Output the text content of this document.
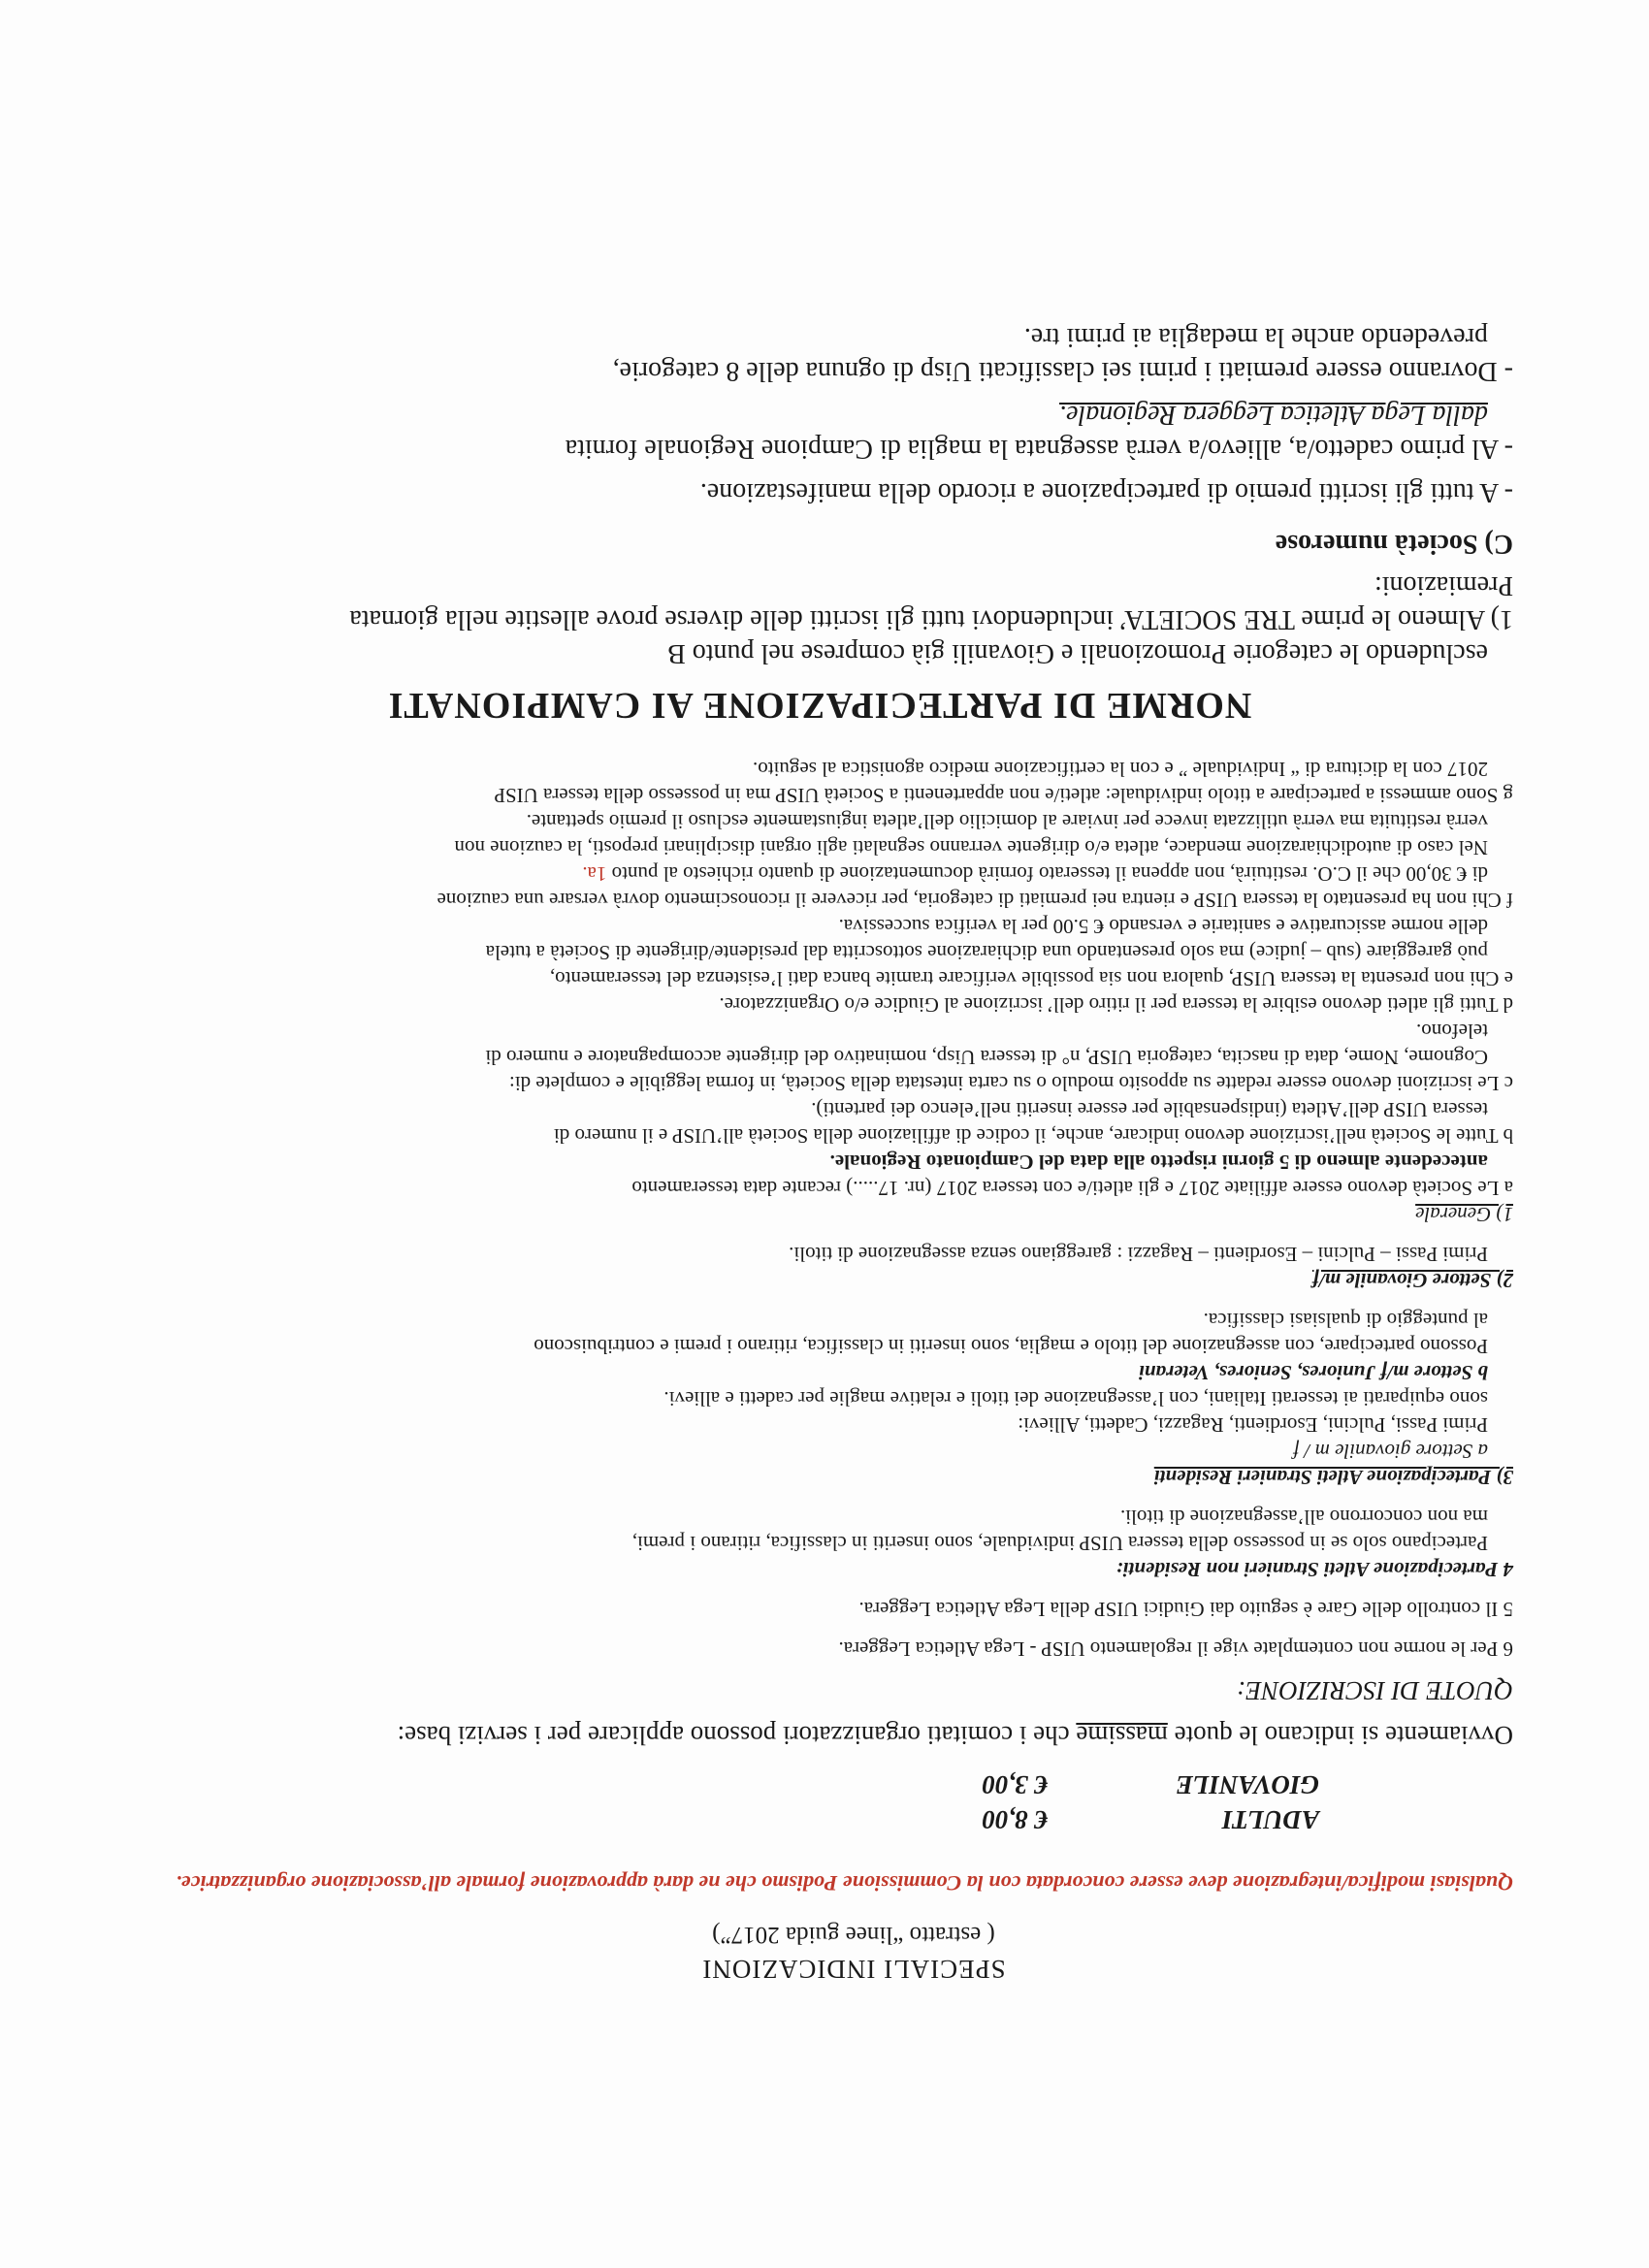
SPECIALI INDICAZIONI
( estratto “linee guida 2017”)
Qualsiasi modifica/integrazione deve essere concordata con la Commissione Podismo che ne darà approvazione formale all’associazione organizzatrice.
ADULTI
€ 8,00
GIOVANILE
€ 3,00
Ovviamente si indicano le quote massime che i comitati organizzatori possono applicare per i servizi base:
QUOTE DI ISCRIZIONE:

6 Per le norme non contemplate vige il regolamento UISP - Lega Atletica Leggera.

5 Il controllo delle Gare è seguito dai Giudici UISP della Lega Atletica Leggera.

4 Partecipazione Atleti Stranieri non Residenti:

Partecipano solo se in possesso della tessera UISP individuale, sono inseriti in classifica, ritirano i premi,

ma non concorrono all’assegnazione di titoli.

3) Partecipazione Atleti Stranieri Residenti

a Settore giovanile m / f

Primi Passi, Pulcini, Esordienti, Ragazzi, Cadetti, Allievi:

sono equiparati ai tesserati Italiani, con l’assegnazione dei titoli e relative maglie per cadetti e allievi.

b Settore m/f Juniores, Seniores, Veterani

Possono partecipare, con assegnazione del titolo e maglia, sono inseriti in classifica, ritirano i premi e contribuiscono

al punteggio di qualsiasi classifica.

2) Settore Giovanile m/f

Primi Passi – Pulcini – Esordienti – Ragazzi : gareggiano senza assegnazione di titoli.

1) Generale

a Le Società devono essere affiliate 2017 e gli atleti/e con tessera 2017 (nr. 17.....) recante data tesseramento

antecedente almeno di 5 giorni rispetto alla data del Campionato Regionale.

b Tutte le Società nell’iscrizione devono indicare, anche, il codice di affiliazione della Società all’UISP e il numero di

tessera UISP dell’Atleta (indispensabile per essere inseriti nell’elenco dei partenti).

c Le iscrizioni devono essere redatte su apposito modulo o su carta intestata della Società, in forma leggibile e complete di:

Cognome, Nome, data di nascita, categoria UISP, n° di tessera Uisp, nominativo del dirigente accompagnatore e numero di

telefono.

d Tutti gli atleti devono esibire la tessera per il ritiro dell’ iscrizione al Giudice e/o Organizzatore.

e Chi non presenta la tessera UISP, qualora non sia possibile verificare tramite banca dati l’esistenza del tesseramento,

può gareggiare (sub – judice) ma solo presentando una dichiarazione sottoscritta dal presidente/dirigente di Società a tutela

delle norme assicurative e sanitarie e versando € 5.00 per la verifica successiva.

f Chi non ha presentato la tessera UISP e rientra nei premiati di categoria, per ricevere il riconoscimento dovrà versare una cauzione

di € 30,00 che il C.O. restituirà, non appena il tesserato fornirà documentazione di quanto richiesto al punto 1a.

Nel caso di autodichiarazione mendace, atleta e/o dirigente verranno segnalati agli organi disciplinari preposti, la cauzione non

verrà restituita ma verrà utilizzata invece per inviare al domicilio dell’atleta ingiustamente escluso il premio spettante.

g Sono ammessi a partecipare a titolo individuale: atleti/e non appartenenti a Società UISP ma in possesso della tessera UISP

2017 con la dicitura di “ Individuale ” e con la certificazione medico agonistica al seguito.

NORME DI PARTECIPAZIONE AI CAMPIONATI

escludendo le categorie Promozionali e Giovanili già comprese nel punto B

1) Almeno le prime TRE SOCIETA’ includendovi tutti gli iscritti delle diverse prove allestite nella giornata

Premiazioni:

C) Società numerose

- A tutti gli iscritti premio di partecipazione a ricordo della manifestazione.

- Al primo cadetto/a, allievo/a verrà assegnata la maglia di Campione Regionale fornita

dalla Lega Atletica Leggera Regionale.

- Dovranno essere premiati i primi sei classificati Uisp di ognuna delle 8 categorie,

prevedendo anche la medaglia ai primi tre.
